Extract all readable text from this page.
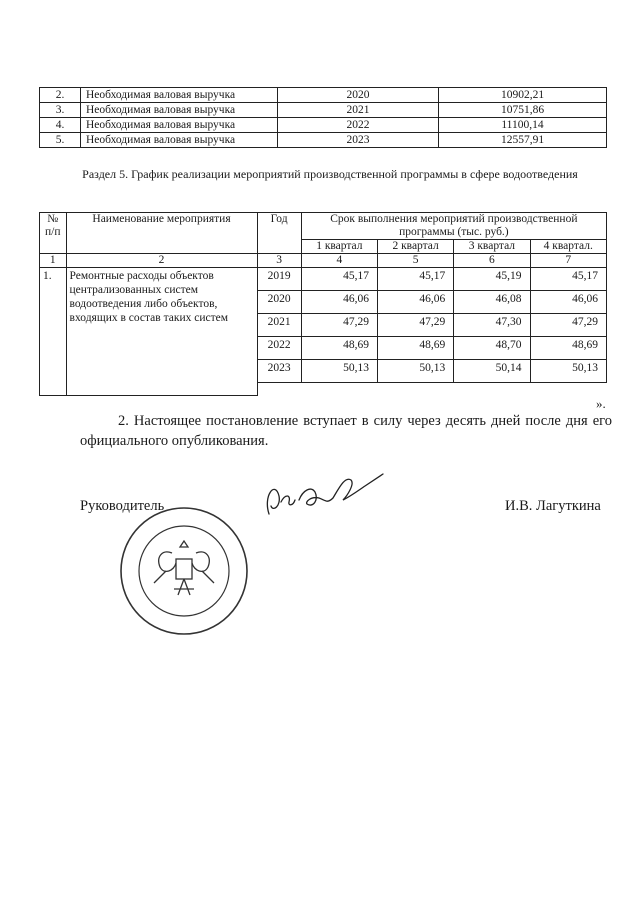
2.	Необходимая валовая выручка	2020	10902,21
3.	Необходимая валовая выручка	2021	10751,86
4.	Необходимая валовая выручка	2022	11100,14
5.	Необходимая валовая выручка	2023	12557,91
Раздел 5. График реализации мероприятий производственной программы в сфере водоотведения
№ п/п	Наименование мероприятия	Год	Срок выполнения мероприятий производственной программы (тыс. руб.)			
			1 квартал	2 квартал	3 квартал	4 квартал.
1	2	3	4	5	6	7
1.	Ремонтные расходы объектов централизованных систем водоотведения либо объектов, входящих в состав таких систем	2019	45,17	45,17	45,19	45,17
		2020	46,06	46,06	46,08	46,06
		2021	47,29	47,29	47,30	47,29
		2022	48,69	48,69	48,70	48,69
		2023	50,13	50,13	50,14	50,13

».
2. Настоящее постановление вступает в силу через десять дней после дня его официального опубликования.
Руководитель	И.В. Лагуткина
